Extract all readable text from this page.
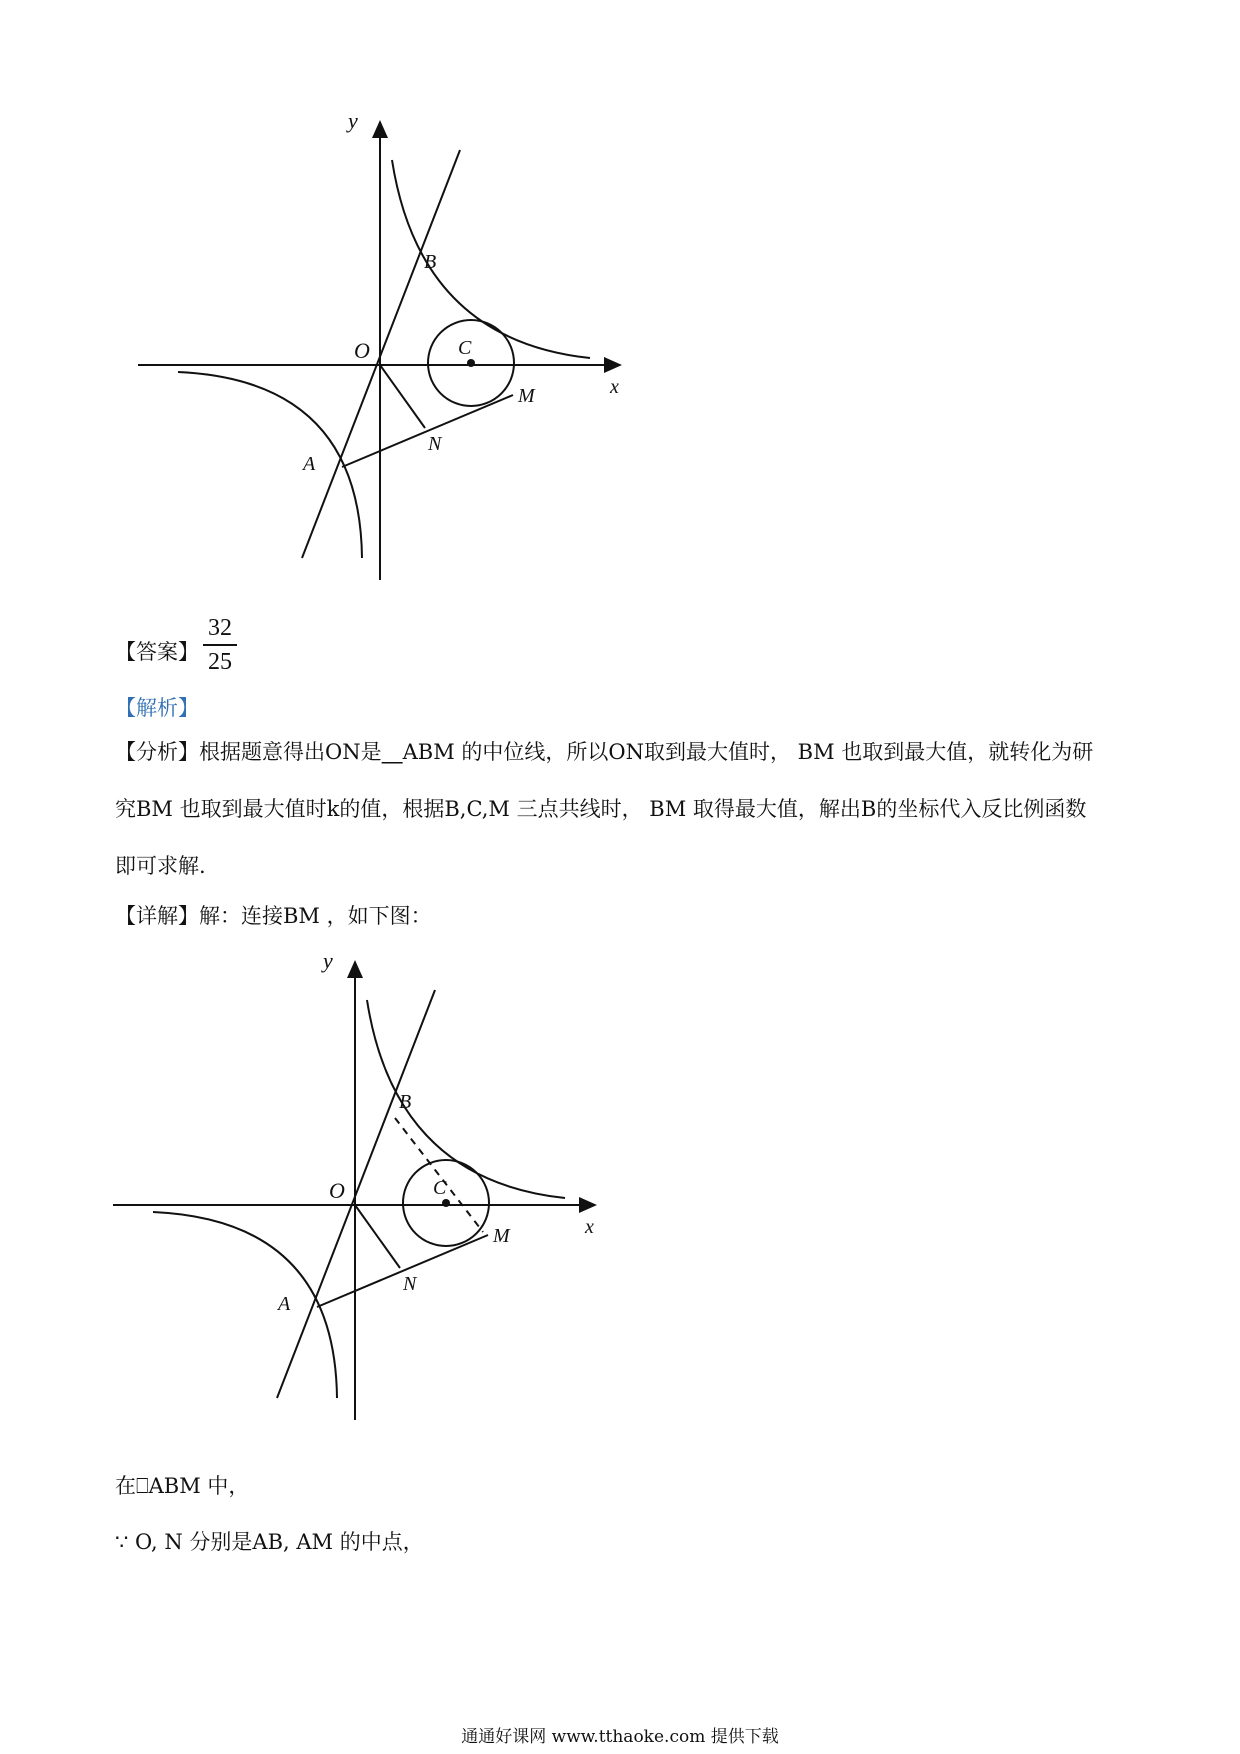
y
x
O
B
C
M
N
A
【答案】
32
25
【解析】
【分析】根据题意得出ON是⎽ABM 的中位线，所以ON取到最大值时， BM 也取到最大值，就转化为研
究BM 也取到最大值时k的值，根据B,C,M 三点共线时， BM 取得最大值，解出B的坐标代入反比例函数
即可求解.
【详解】解：连接BM ，如下图：
y
x
O
B
C
M
N
A
在⎕ABM 中，
∵ O, N 分别是AB, AM 的中点，
通通好课网 www.tthaoke.com 提供下载
